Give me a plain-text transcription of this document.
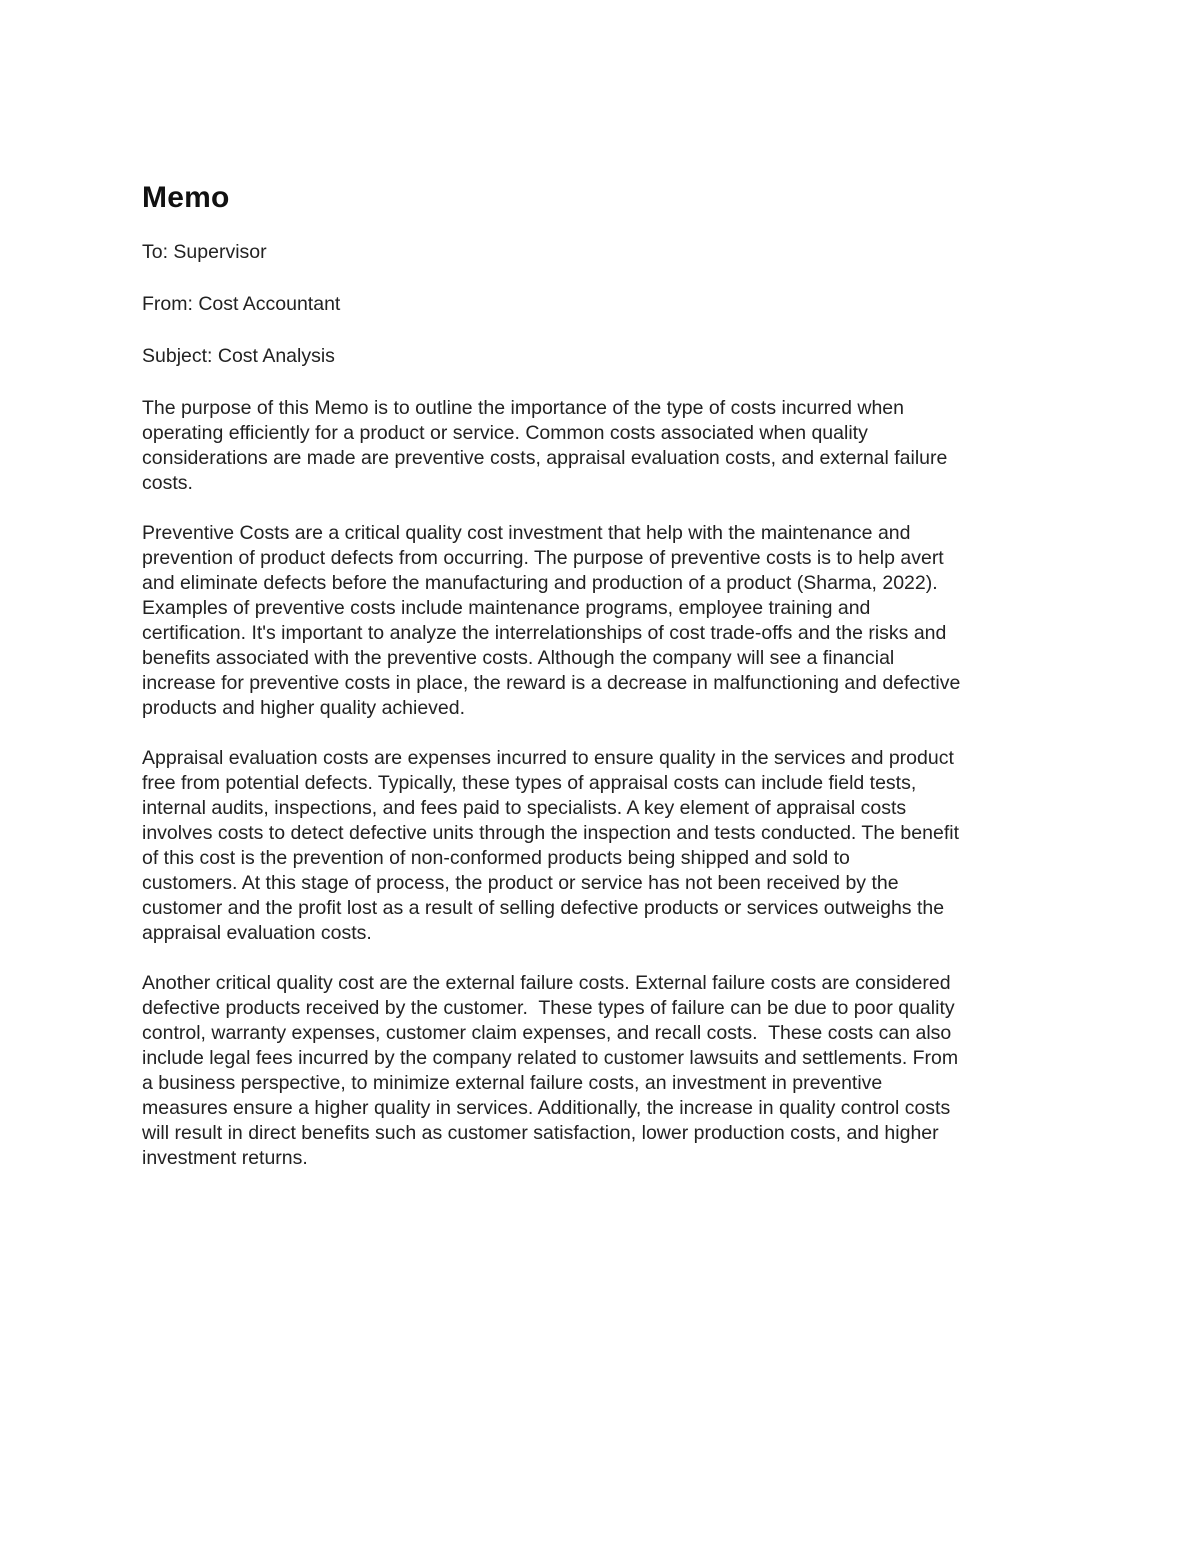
Memo

To: Supervisor

From: Cost Accountant

Subject: Cost Analysis

The purpose of this Memo is to outline the importance of the type of costs incurred when
operating efficiently for a product or service. Common costs associated when quality
considerations are made are preventive costs, appraisal evaluation costs, and external failure
costs.

Preventive Costs are a critical quality cost investment that help with the maintenance and
prevention of product defects from occurring. The purpose of preventive costs is to help avert
and eliminate defects before the manufacturing and production of a product (Sharma, 2022).
Examples of preventive costs include maintenance programs, employee training and
certification. It's important to analyze the interrelationships of cost trade-offs and the risks and
benefits associated with the preventive costs. Although the company will see a financial
increase for preventive costs in place, the reward is a decrease in malfunctioning and defective
products and higher quality achieved.

Appraisal evaluation costs are expenses incurred to ensure quality in the services and product
free from potential defects. Typically, these types of appraisal costs can include field tests,
internal audits, inspections, and fees paid to specialists. A key element of appraisal costs
involves costs to detect defective units through the inspection and tests conducted. The benefit
of this cost is the prevention of non-conformed products being shipped and sold to
customers. At this stage of process, the product or service has not been received by the
customer and the profit lost as a result of selling defective products or services outweighs the
appraisal evaluation costs.

Another critical quality cost are the external failure costs. External failure costs are considered
defective products received by the customer.  These types of failure can be due to poor quality
control, warranty expenses, customer claim expenses, and recall costs.  These costs can also
include legal fees incurred by the company related to customer lawsuits and settlements. From
a business perspective, to minimize external failure costs, an investment in preventive
measures ensure a higher quality in services. Additionally, the increase in quality control costs
will result in direct benefits such as customer satisfaction, lower production costs, and higher
investment returns.
